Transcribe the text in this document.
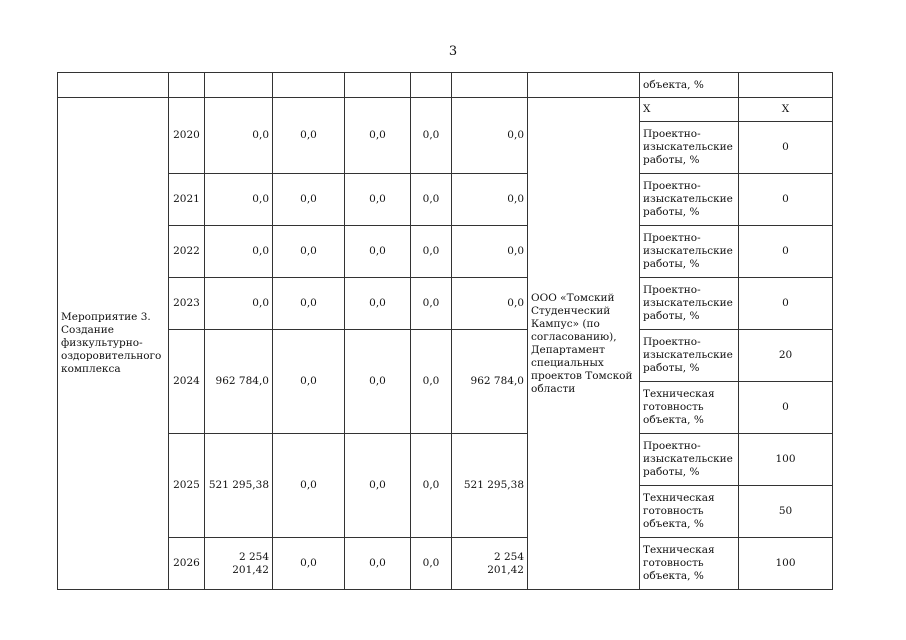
3
								объекта, %	
Мероприятие 3. Создание физкультурно-оздоровительного комплекса	2020	0,0	0,0	0,0	0,0	0,0	ООО «Томский Студенческий Кампус» (по согласованию), Департамент специальных проектов Томской области	Х	Х
								Проектно-изыскательские работы, %	0
	2021	0,0	0,0	0,0	0,0	0,0		Проектно-изыскательские работы, %	0
	2022	0,0	0,0	0,0	0,0	0,0		Проектно-изыскательские работы, %	0
	2023	0,0	0,0	0,0	0,0	0,0		Проектно-изыскательские работы, %	0
	2024	962 784,0	0,0	0,0	0,0	962 784,0		Проектно-изыскательские работы, %	20
								Техническая готовность объекта, %	0
	2025	521 295,38	0,0	0,0	0,0	521 295,38		Проектно-изыскательские работы, %	100
								Техническая готовность объекта, %	50
	2026	2 254 201,42	0,0	0,0	0,0	2 254 201,42		Техническая готовность объекта, %	100
